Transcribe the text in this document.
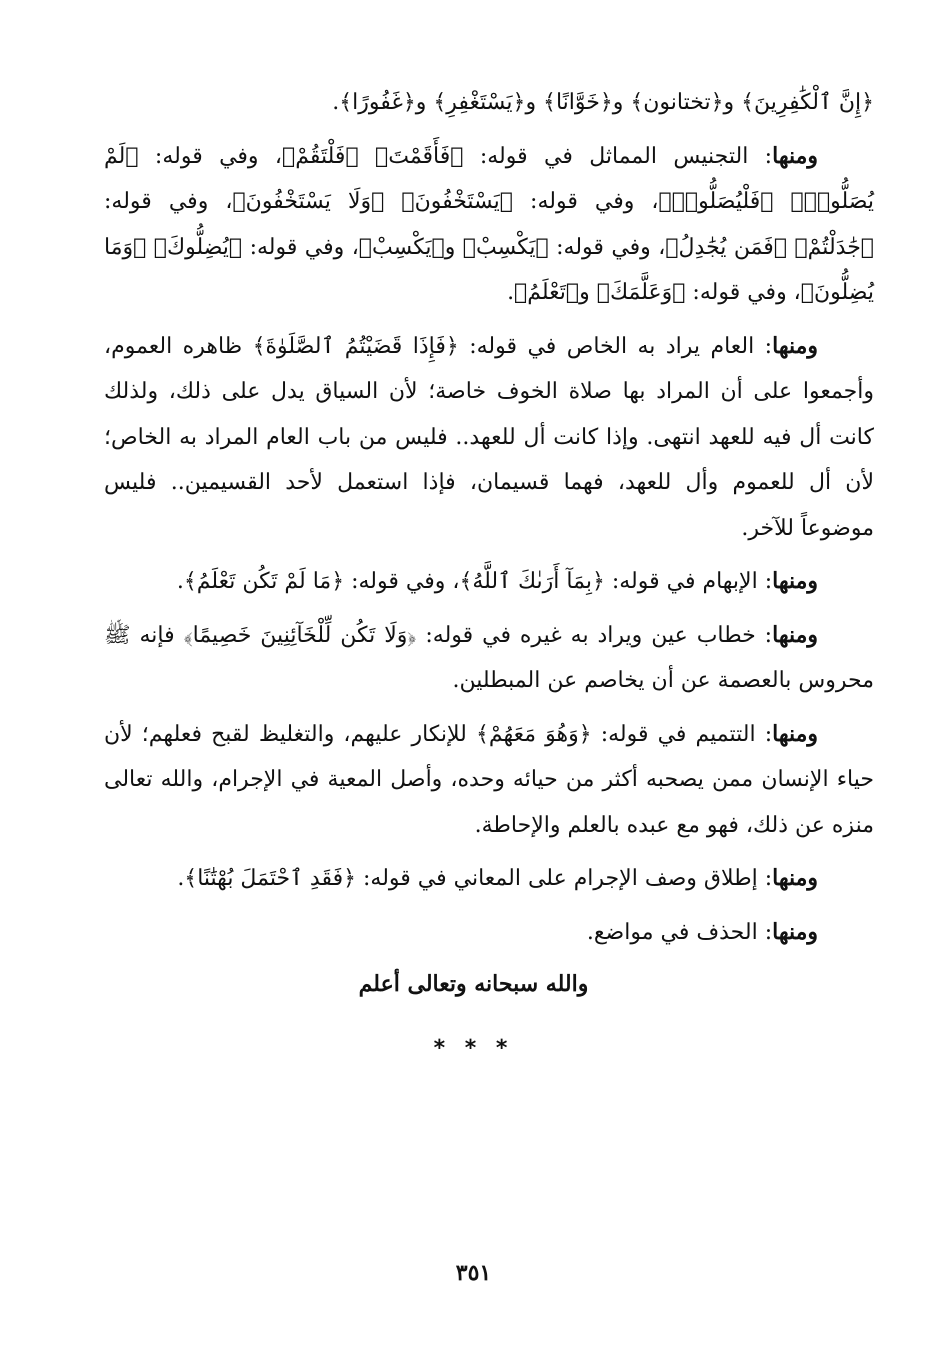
﴿إِنَّ ٱلْكَٰفِرِينَ﴾ و﴿تختانون﴾ و﴿خَوَّانًا﴾ و﴿يَسْتَغْفِرِ﴾ و﴿غَفُورًا﴾.

ومنها: التجنيس المماثل في قوله: ﴿فَأَقَمْتَ﴾ ﴿فَلْتَقُمْ﴾، وفي قوله: ﴿لَمْ يُصَلُّوا۟﴾ ﴿فَلْيُصَلُّوا۟﴾، وفي قوله: ﴿يَسْتَخْفُونَ﴾ ﴿وَلَا يَسْتَخْفُونَ﴾، وفي قوله: ﴿جَٰدَلْتُمْ﴾ ﴿فَمَن يُجَٰدِلُ﴾، وفي قوله: ﴿يَكْسِبْ﴾ و﴿يَكْسِبْ﴾، وفي قوله: ﴿يُضِلُّوكَ﴾ ﴿وَمَا يُضِلُّونَ﴾، وفي قوله: ﴿وَعَلَّمَكَ﴾ و﴿تَعْلَمُ﴾.

ومنها: العام يراد به الخاص في قوله: ﴿فَإِذَا قَضَيْتُمُ ٱلصَّلَوٰةَ﴾ ظاهره العموم، وأجمعوا على أن المراد بها صلاة الخوف خاصة؛ لأن السياق يدل على ذلك، ولذلك كانت أل فيه للعهد انتهى. وإذا كانت أل للعهد.. فليس من باب العام المراد به الخاص؛ لأن أل للعموم وأل للعهد، فهما قسيمان، فإذا استعمل لأحد القسيمين.. فليس موضوعاً للآخر.

ومنها: الإبهام في قوله: ﴿بِمَآ أَرَىٰكَ ٱللَّهُ﴾، وفي قوله: ﴿مَا لَمْ تَكُن تَعْلَمُ﴾.

ومنها: خطاب عين ويراد به غيره في قوله: ﴿وَلَا تَكُن لِّلْخَآئِنِينَ خَصِيمًا﴾ فإنه ﷺ محروس بالعصمة عن أن يخاصم عن المبطلين.

ومنها: التتميم في قوله: ﴿وَهُوَ مَعَهُمْ﴾ للإنكار عليهم، والتغليظ لقبح فعلهم؛ لأن حياء الإنسان ممن يصحبه أكثر من حيائه وحده، وأصل المعية في الإجرام، والله تعالى منزه عن ذلك، فهو مع عبده بالعلم والإحاطة.

ومنها: إطلاق وصف الإجرام على المعاني في قوله: ﴿فَقَدِ ٱحْتَمَلَ بُهْتَٰنًا﴾.

ومنها: الحذف في مواضع.

والله سبحانه وتعالى أعلم
* * *
٣٥١
